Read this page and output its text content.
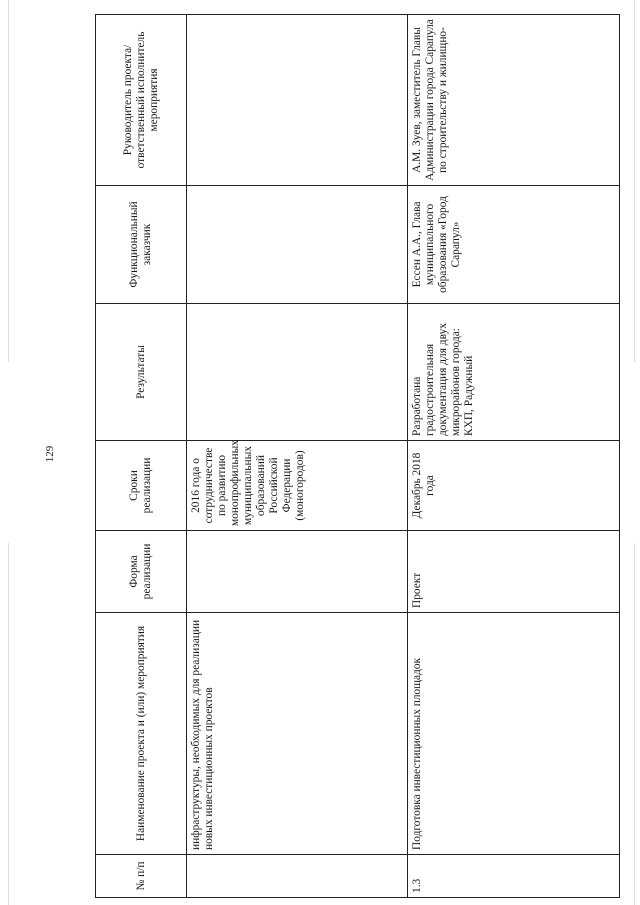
129
№ п/п	Наименование проекта и (или) мероприятия	Форма реализации	Сроки реализации	Результаты	Функциональный заказчик	Руководитель проекта/ ответственный исполнитель мероприятия
	инфраструктуры, необходимых для реализации новых инвестиционных проектов		2016 года о сотрудничестве по развитию монопрофильных муниципальных образований Российской Федерации (моногородов)			
1.3	Подготовка инвестиционных площадок	Проект	Декабрь 2018 года	Разработана градостроительная документация для двух микрорайонов города: КХП, Радужный	Ессен А.А., Глава муниципального образования «Город Сарапул»	А.М. Зуев, заместитель Главы Администрации города Сарапула по строительству и жилищно-
